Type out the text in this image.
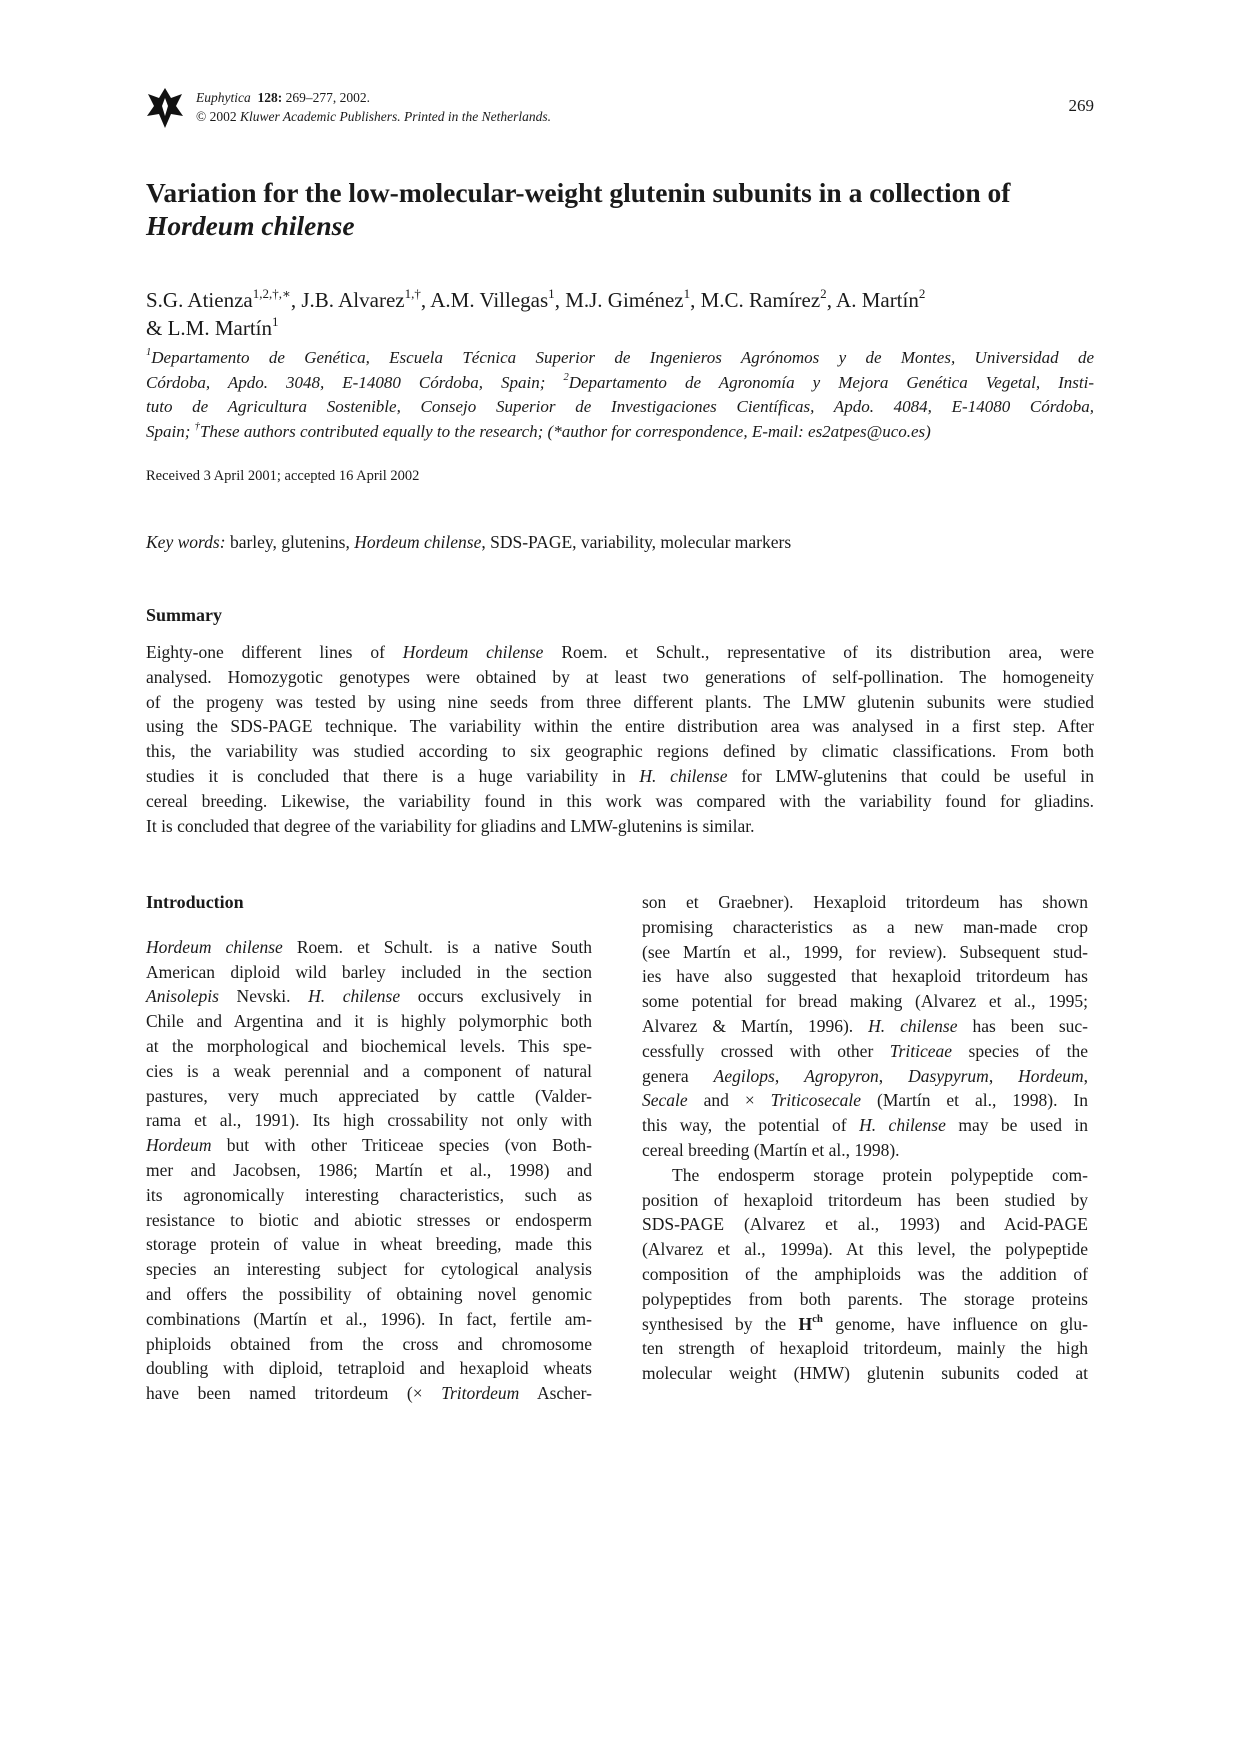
Euphytica 128: 269–277, 2002.
© 2002 Kluwer Academic Publishers. Printed in the Netherlands.
269
Variation for the low-molecular-weight glutenin subunits in a collection of
Hordeum chilense
S.G. Atienza$^{1,2,\dagger,∗}$, J.B. Alvarez$^{1,\dagger}$, A.M. Villegas$^1$, M.J. Giménez$^1$, M.C. Ramírez$^2$, A. Martín$^2$
& L.M. Martín$^1$
$^1$Departamento de Genética, Escuela Técnica Superior de Ingenieros Agrónomos y de Montes, Universidad de
Córdoba, Apdo. 3048, E-14080 Córdoba, Spain; $^2$Departamento de Agronomía y Mejora Genética Vegetal, Insti-
tuto de Agricultura Sostenible, Consejo Superior de Investigaciones Científicas, Apdo. 4084, E-14080 Córdoba,
Spain; †These authors contributed equally to the research; (*author for correspondence, E-mail: es2atpes@uco.es)
Received 3 April 2001; accepted 16 April 2002
Key words: barley, glutenins, Hordeum chilense, SDS-PAGE, variability, molecular markers
Summary
Eighty-one different lines of Hordeum chilense Roem. et Schult., representative of its distribution area, were
analysed. Homozygotic genotypes were obtained by at least two generations of self-pollination. The homogeneity
of the progeny was tested by using nine seeds from three different plants. The LMW glutenin subunits were studied
using the SDS-PAGE technique. The variability within the entire distribution area was analysed in a first step. After
this, the variability was studied according to six geographic regions defined by climatic classifications. From both
studies it is concluded that there is a huge variability in H. chilense for LMW-glutenins that could be useful in
cereal breeding. Likewise, the variability found in this work was compared with the variability found for gliadins.
It is concluded that degree of the variability for gliadins and LMW-glutenins is similar.
Introduction
Hordeum chilense Roem. et Schult. is a native South
American diploid wild barley included in the section
Anisolepis Nevski. H. chilense occurs exclusively in
Chile and Argentina and it is highly polymorphic both
at the morphological and biochemical levels. This spe-
cies is a weak perennial and a component of natural
pastures, very much appreciated by cattle (Valder-
rama et al., 1991). Its high crossability not only with
Hordeum but with other Triticeae species (von Both-
mer and Jacobsen, 1986; Martín et al., 1998) and
its agronomically interesting characteristics, such as
resistance to biotic and abiotic stresses or endosperm
storage protein of value in wheat breeding, made this
species an interesting subject for cytological analysis
and offers the possibility of obtaining novel genomic
combinations (Martín et al., 1996). In fact, fertile am-
phiploids obtained from the cross and chromosome
doubling with diploid, tetraploid and hexaploid wheats
have been named tritordeum (× Tritordeum Ascher-
son et Graebner). Hexaploid tritordeum has shown
promising characteristics as a new man-made crop
(see Martín et al., 1999, for review). Subsequent stud-
ies have also suggested that hexaploid tritordeum has
some potential for bread making (Alvarez et al., 1995;
Alvarez & Martín, 1996). H. chilense has been suc-
cessfully crossed with other Triticeae species of the
genera Aegilops, Agropyron, Dasypyrum, Hordeum,
Secale and × Triticosecale (Martín et al., 1998). In
this way, the potential of H. chilense may be used in
cereal breeding (Martín et al., 1998).
The endosperm storage protein polypeptide com-
position of hexaploid tritordeum has been studied by
SDS-PAGE (Alvarez et al., 1993) and Acid-PAGE
(Alvarez et al., 1999a). At this level, the polypeptide
composition of the amphiploids was the addition of
polypeptides from both parents. The storage proteins
synthesised by the $H^{ch}$ genome, have influence on glu-
ten strength of hexaploid tritordeum, mainly the high
molecular weight (HMW) glutenin subunits coded at
